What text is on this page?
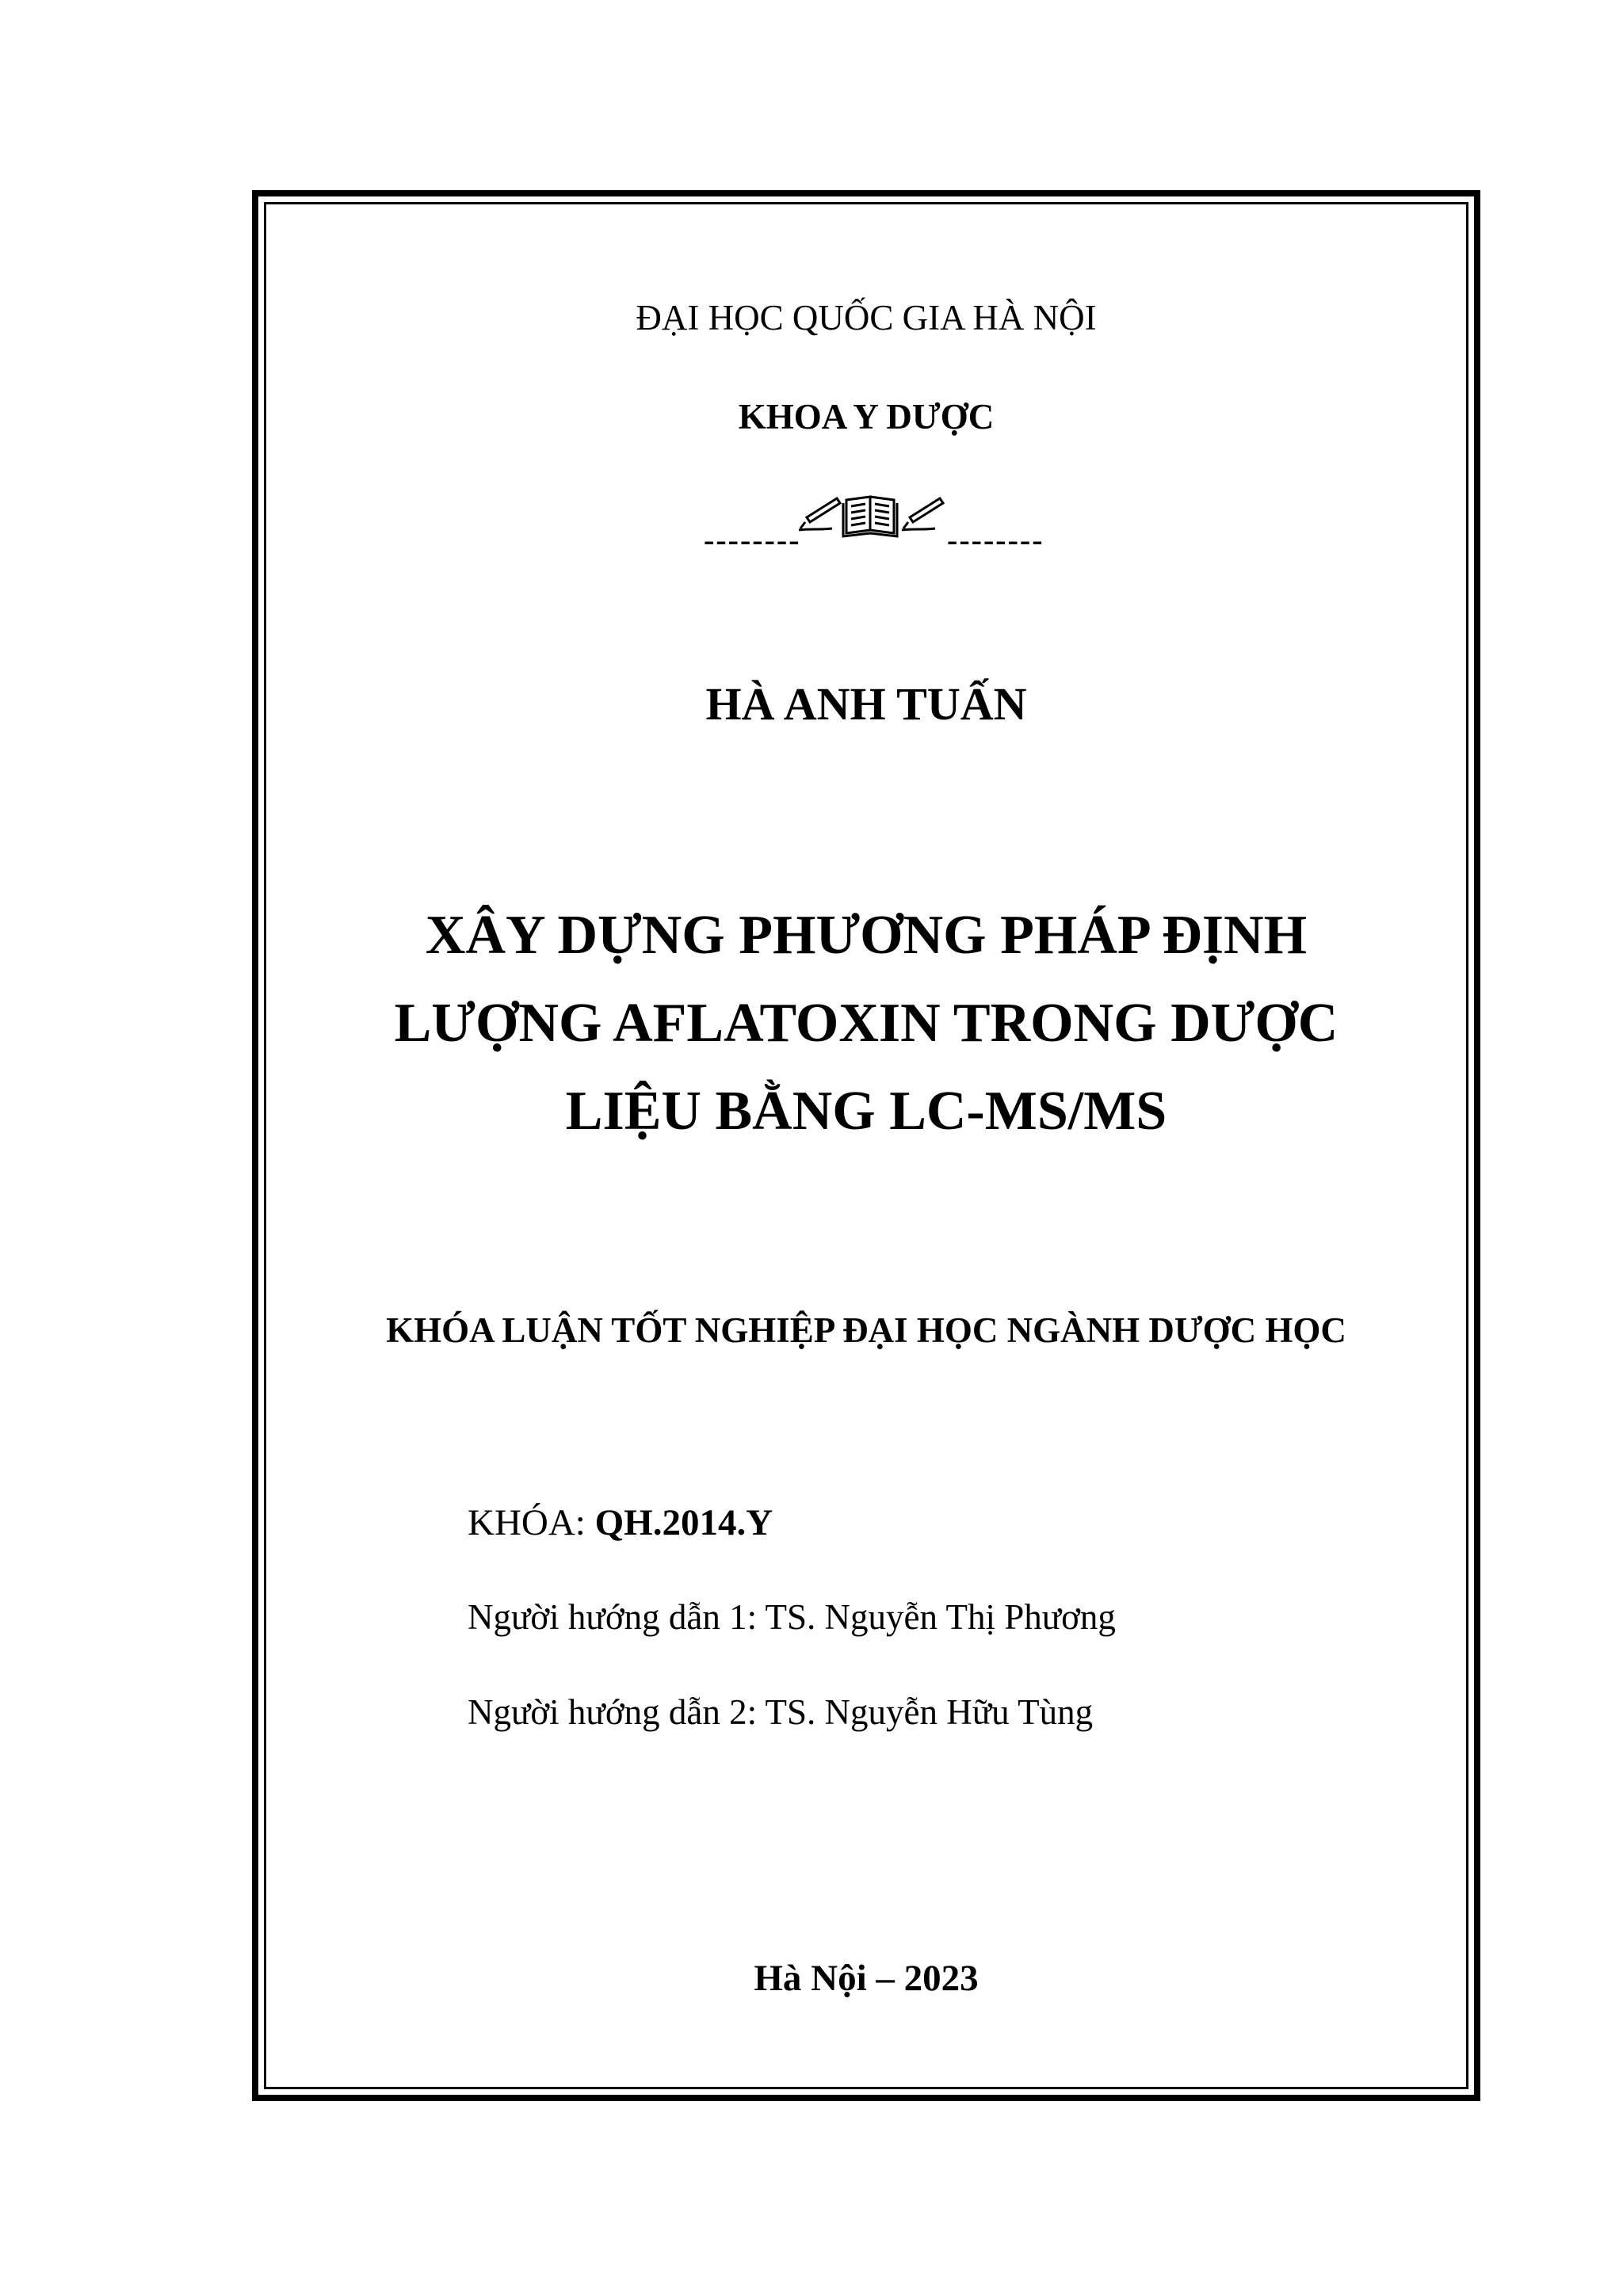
ĐẠI HỌC QUỐC GIA HÀ NỘI
KHOA Y DƯỢC
--------	--------
HÀ ANH TUẤN
XÂY DỰNG PHƯƠNG PHÁP ĐỊNH
LƯỢNG AFLATOXIN TRONG DƯỢC
LIỆU BẰNG LC-MS/MS
KHÓA LUẬN TỐT NGHIỆP ĐẠI HỌC NGÀNH DƯỢC HỌC
KHÓA: QH.2014.Y
Người hướng dẫn 1: TS. Nguyễn Thị Phương
Người hướng dẫn 2: TS. Nguyễn Hữu Tùng
Hà Nội – 2023
